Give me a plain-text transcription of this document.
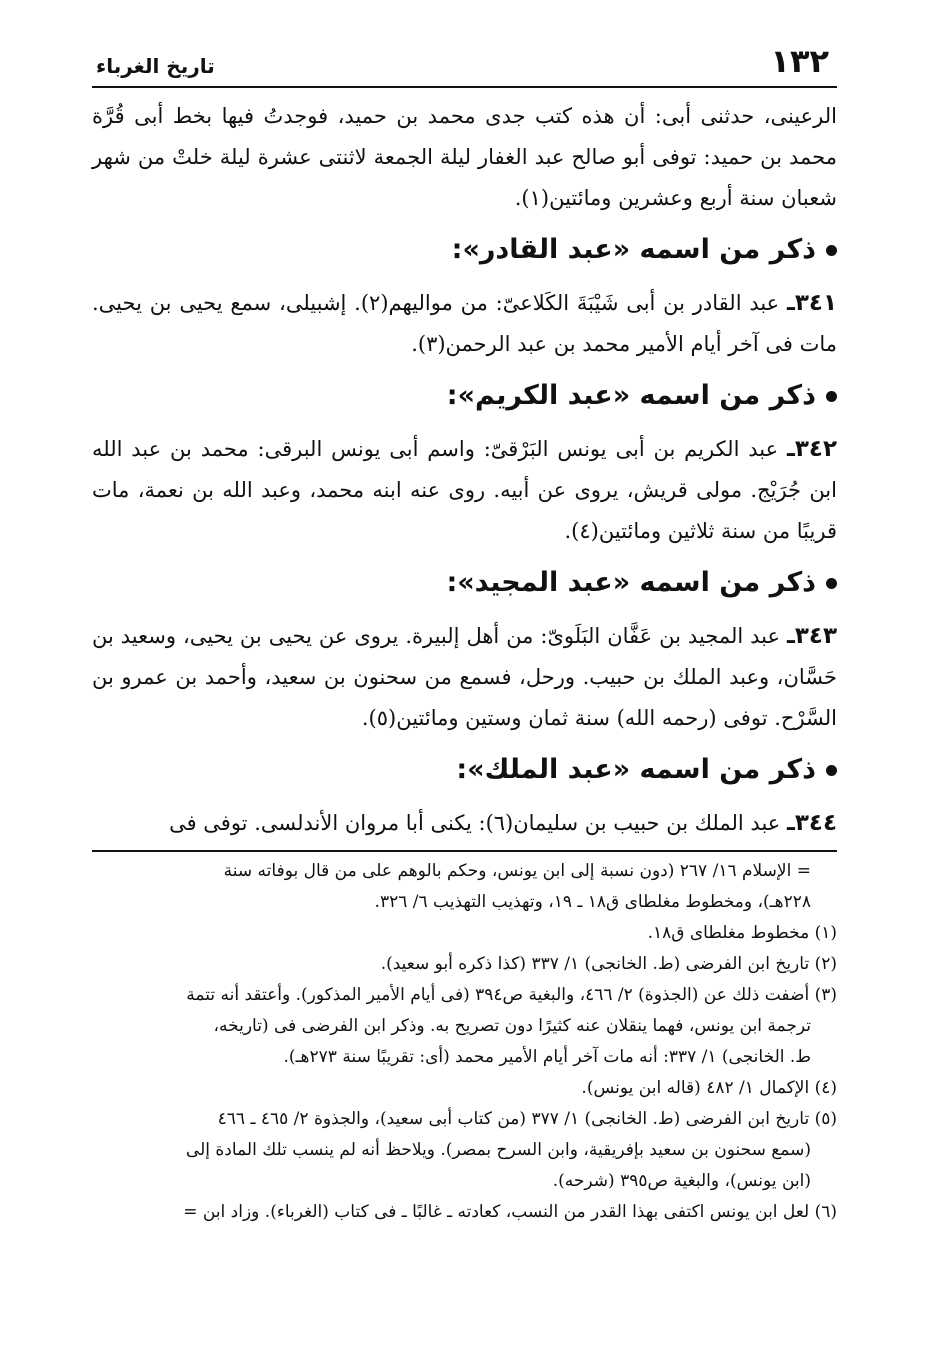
١٣٢
تاريخ الغرباء

الرعينى، حدثنى أبى: أن هذه كتب جدى محمد بن حميد، فوجدتُ فيها بخط أبى قُرَّة محمد بن حميد: توفى أبو صالح عبد الغفار ليلة الجمعة لاثنتى عشرة ليلة خلتْ من شهر شعبان سنة أربع وعشرين ومائتين(١).

ذكر من اسمه «عبد القادر»:

٣٤١ـ عبد القادر بن أبى شَيْبَةَ الكَلاعىّ: من مواليهم(٢). إشبيلى، سمع يحيى بن يحيى. مات فى آخر أيام الأمير محمد بن عبد الرحمن(٣).

ذكر من اسمه «عبد الكريم»:

٣٤٢ـ عبد الكريم بن أبى يونس البَرْقىّ: واسم أبى يونس البرقى: محمد بن عبد الله ابن جُرَيْج. مولى قريش، يروى عن أبيه. روى عنه ابنه محمد، وعبد الله بن نعمة، مات قريبًا من سنة ثلاثين ومائتين(٤).

ذكر من اسمه «عبد المجيد»:

٣٤٣ـ عبد المجيد بن عَفَّان البَلَوىّ: من أهل إلبيرة. يروى عن يحيى بن يحيى، وسعيد بن حَسَّان، وعبد الملك بن حبيب. ورحل، فسمع من سحنون بن سعيد، وأحمد بن عمرو بن السَّرْح. توفى (رحمه الله) سنة ثمان وستين ومائتين(٥).

ذكر من اسمه «عبد الملك»:

٣٤٤ـ عبد الملك بن حبيب بن سليمان(٦): يكنى أبا مروان الأندلسى. توفى فى

= الإسلام ١٦/ ٢٦٧ (دون نسبة إلى ابن يونس، وحكم بالوهم على من قال بوفاته سنة

٢٢٨هـ)، ومخطوط مغلطاى ق١٨ ـ ١٩، وتهذيب التهذيب ٦/ ٣٢٦.

(١) مخطوط مغلطاى ق١٨.

(٢) تاريخ ابن الفرضى (ط. الخانجى) ١/ ٣٣٧ (كذا ذكره أبو سعيد).

(٣) أضفت ذلك عن (الجذوة) ٢/ ٤٦٦، والبغية ص٣٩٤ (فى أيام الأمير المذكور). وأعتقد أنه تتمة

ترجمة ابن يونس، فهما ينقلان عنه كثيرًا دون تصريح به. وذكر ابن الفرضى فى (تاريخه،

ط. الخانجى) ١/ ٣٣٧: أنه مات آخر أيام الأمير محمد (أى: تقريبًا سنة ٢٧٣هـ).

(٤) الإكمال ١/ ٤٨٢ (قاله ابن يونس).

(٥) تاريخ ابن الفرضى (ط. الخانجى) ١/ ٣٧٧ (من كتاب أبى سعيد)، والجذوة ٢/ ٤٦٥ ـ ٤٦٦

(سمع سحنون بن سعيد بإفريقية، وابن السرح بمصر). ويلاحظ أنه لم ينسب تلك المادة إلى

(ابن يونس)، والبغية ص٣٩٥ (شرحه).

(٦) لعل ابن يونس اكتفى بهذا القدر من النسب، كعادته ـ غالبًا ـ فى كتاب (الغرباء). وزاد ابن =
